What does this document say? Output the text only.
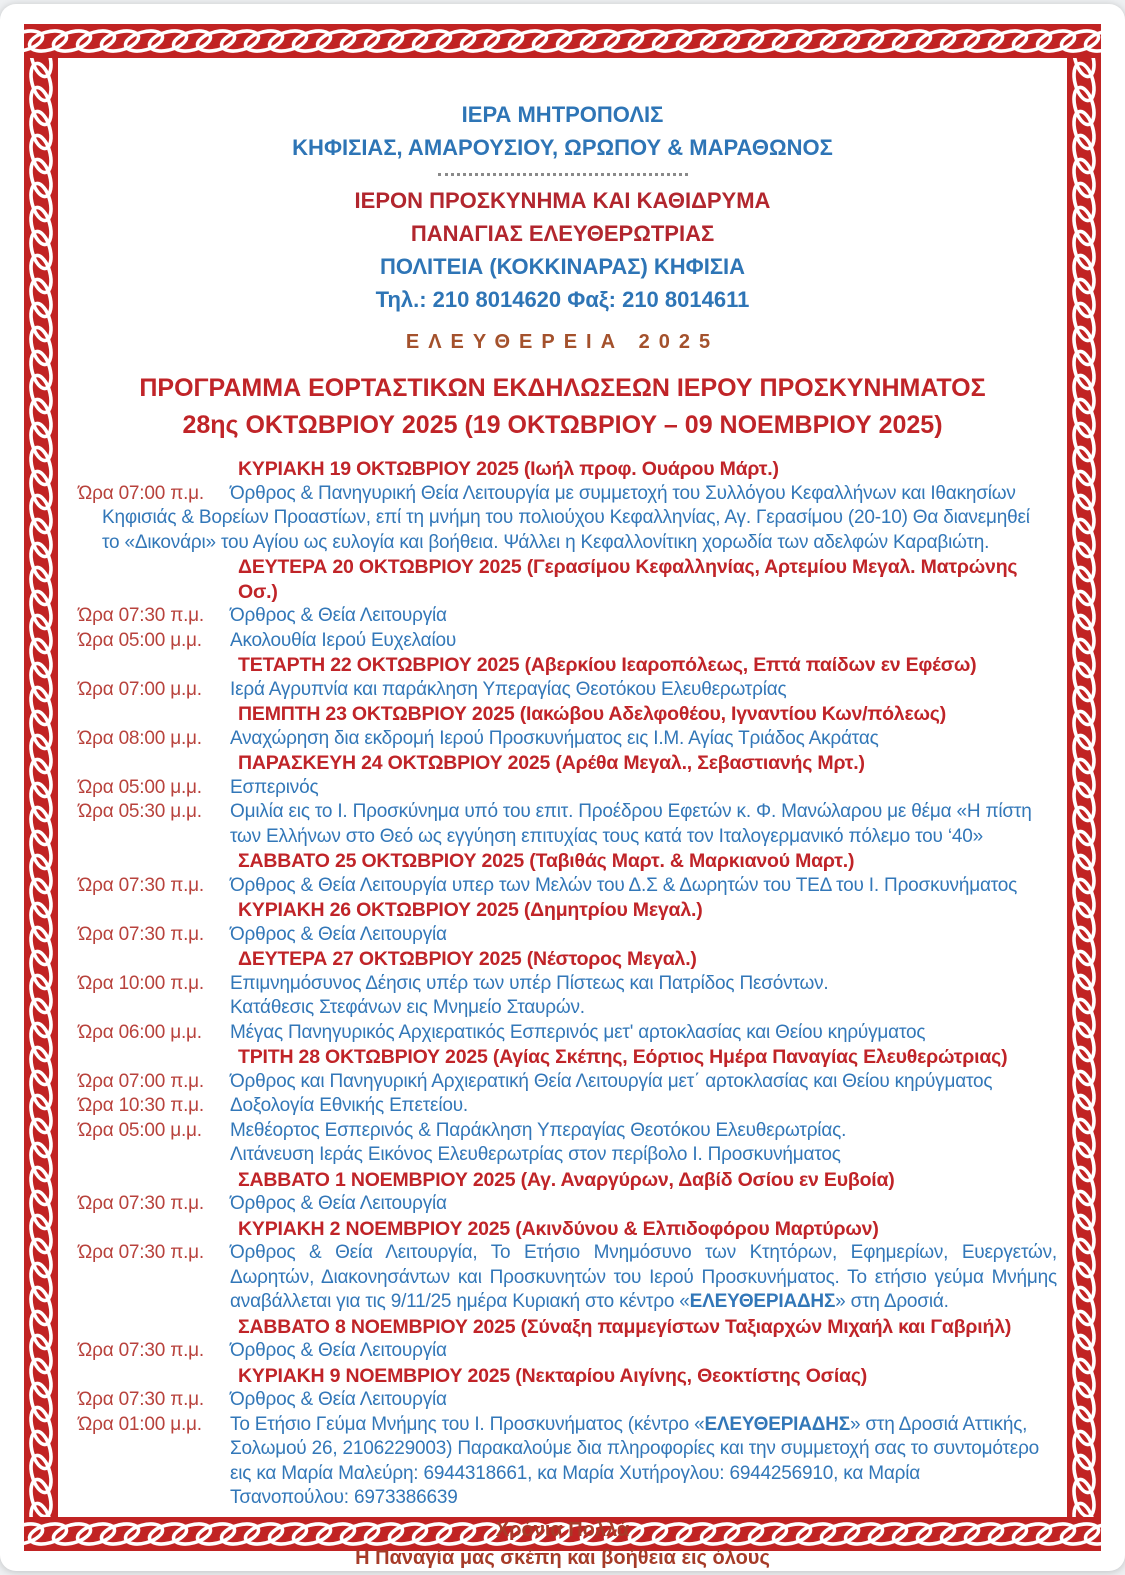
ΙΕΡΑ ΜΗΤΡΟΠΟΛΙΣ
ΚΗΦΙΣΙΑΣ, ΑΜΑΡΟΥΣΙΟΥ, ΩΡΩΠΟΥ & ΜΑΡΑΘΩΝΟΣ
ΙΕΡΟΝ ΠΡΟΣΚΥΝΗΜΑ ΚΑΙ ΚΑΘΙΔΡΥΜΑ
ΠΑΝΑΓΙΑΣ ΕΛΕΥΘΕΡΩΤΡΙΑΣ
ΠΟΛΙΤΕΙΑ (ΚΟΚΚΙΝΑΡΑΣ) ΚΗΦΙΣΙΑ
Τηλ.: 210 8014620 Φαξ: 210 8014611
ΕΛΕΥΘΕΡΕΙΑ 2025
ΠΡΟΓΡΑΜΜΑ ΕΟΡΤΑΣΤΙΚΩΝ ΕΚΔΗΛΩΣΕΩΝ ΙΕΡΟΥ ΠΡΟΣΚΥΝΗΜΑΤΟΣ
28ης ΟΚΤΩΒΡΙΟΥ 2025 (19 ΟΚΤΩΒΡΙΟΥ – 09 ΝΟΕΜΒΡΙΟΥ 2025)
ΚΥΡΙΑΚΗ 19 ΟΚΤΩΒΡΙΟΥ 2025 (Ιωήλ προφ. Ουάρου Μάρτ.)
Ώρα 07:00 π.μ.	Όρθρος & Πανηγυρική Θεία Λειτουργία με συμμετοχή του Συλλόγου Κεφαλλήνων και Ιθακησίων
Κηφισιάς & Βορείων Προαστίων, επί τη μνήμη του πολιούχου Κεφαλληνίας, Αγ. Γερασίμου (20-10) Θα διανεμηθεί
το «Δικονάρι» του Αγίου ως ευλογία και βοήθεια. Ψάλλει η Κεφαλλονίτικη χορωδία των αδελφών Καραβιώτη.
ΔΕΥΤΕΡΑ 20 ΟΚΤΩΒΡΙΟΥ 2025 (Γερασίμου Κεφαλληνίας, Αρτεμίου Μεγαλ. Ματρώνης Οσ.)
Ώρα 07:30 π.μ.	Όρθρος & Θεία Λειτουργία
Ώρα 05:00 μ.μ.	Ακολουθία Ιερού Ευχελαίου
ΤΕΤΑΡΤΗ 22 ΟΚΤΩΒΡΙΟΥ 2025 (Αβερκίου Ιεαροπόλεως, Επτά παίδων εν Εφέσω)
Ώρα 07:00 μ.μ.	Ιερά Αγρυπνία και παράκληση Υπεραγίας Θεοτόκου Ελευθερωτρίας
ΠΕΜΠΤΗ 23 ΟΚΤΩΒΡΙΟΥ 2025 (Ιακώβου Αδελφοθέου, Ιγναντίου Κων/πόλεως)
Ώρα 08:00 μ.μ.	Αναχώρηση δια εκδρομή Ιερού Προσκυνήματος εις Ι.Μ. Αγίας Τριάδος Ακράτας
ΠΑΡΑΣΚΕΥΗ 24 ΟΚΤΩΒΡΙΟΥ 2025 (Αρέθα Μεγαλ., Σεβαστιανής Μρτ.)
Ώρα 05:00 μ.μ.	Εσπερινός
Ώρα 05:30 μ.μ.	Ομιλία εις το Ι. Προσκύνημα υπό του επιτ. Προέδρου Εφετών κ. Φ. Μανώλαρου με θέμα «Η πίστη
των Ελλήνων στο Θεό ως εγγύηση επιτυχίας τους κατά τον Ιταλογερμανικό πόλεμο του ‘40»
ΣΑΒΒΑΤΟ 25 ΟΚΤΩΒΡΙΟΥ 2025 (Ταβιθάς Μαρτ. & Μαρκιανού Μαρτ.)
Ώρα 07:30 π.μ.	Όρθρος & Θεία Λειτουργία υπερ των Μελών του Δ.Σ & Δωρητών του ΤΕΔ του Ι. Προσκυνήματος
ΚΥΡΙΑΚΗ 26 ΟΚΤΩΒΡΙΟΥ 2025 (Δημητρίου Μεγαλ.)
Ώρα 07:30 π.μ.	Όρθρος & Θεία Λειτουργία
ΔΕΥΤΕΡΑ 27 ΟΚΤΩΒΡΙΟΥ 2025 (Νέστορος Μεγαλ.)
Ώρα 10:00 π.μ.	Επιμνημόσυνος Δέησις υπέρ των υπέρ Πίστεως και Πατρίδος Πεσόντων.
Κατάθεσις Στεφάνων εις Μνημείο Σταυρών.
Ώρα 06:00 μ.μ.	Μέγας Πανηγυρικός Αρχιερατικός Εσπερινός μετ' αρτοκλασίας και Θείου κηρύγματος
ΤΡΙΤΗ 28 ΟΚΤΩΒΡΙΟΥ 2025 (Αγίας Σκέπης, Εόρτιος Ημέρα Παναγίας Ελευθερώτριας)
Ώρα 07:00 π.μ.	Όρθρος και Πανηγυρική Αρχιερατική Θεία Λειτουργία μετ΄ αρτοκλασίας και Θείου κηρύγματος
Ώρα 10:30 π.μ.	Δοξολογία Εθνικής Επετείου.
Ώρα 05:00 μ.μ.	Μεθέορτος Εσπερινός & Παράκληση Υπεραγίας Θεοτόκου Ελευθερωτρίας.
Λιτάνευση Ιεράς Εικόνος Ελευθερωτρίας στον περίβολο Ι. Προσκυνήματος
ΣΑΒΒΑΤΟ 1 ΝΟΕΜΒΡΙΟΥ 2025 (Αγ. Αναργύρων, Δαβίδ Οσίου εν Ευβοία)
Ώρα 07:30 π.μ.	Όρθρος & Θεία Λειτουργία
ΚΥΡΙΑΚΗ 2 ΝΟΕΜΒΡΙΟΥ 2025 (Ακινδύνου & Ελπιδοφόρου Μαρτύρων)
Ώρα 07:30 π.μ.	Όρθρος & Θεία Λειτουργία, Το Ετήσιο Μνημόσυνο των Κτητόρων, Εφημερίων, Ευεργετών,
Δωρητών, Διακονησάντων και Προσκυνητών του Ιερού Προσκυνήματος. Το ετήσιο γεύμα Μνήμης
αναβάλλεται για τις 9/11/25 ημέρα Κυριακή στο κέντρο «ΕΛΕΥΘΕΡΙΑΔΗΣ» στη Δροσιά.
ΣΑΒΒΑΤΟ 8 ΝΟΕΜΒΡΙΟΥ 2025 (Σύναξη παμμεγίστων Ταξιαρχών Μιχαήλ και Γαβριήλ)
Ώρα 07:30 π.μ.	Όρθρος & Θεία Λειτουργία
ΚΥΡΙΑΚΗ 9 ΝΟΕΜΒΡΙΟΥ 2025 (Νεκταρίου Αιγίνης, Θεοκτίστης Οσίας)
Ώρα 07:30 π.μ.	Όρθρος & Θεία Λειτουργία
Ώρα 01:00 μ.μ.	Το Ετήσιο Γεύμα Μνήμης του Ι. Προσκυνήματος (κέντρο «ΕΛΕΥΘΕΡΙΑΔΗΣ» στη Δροσιά Αττικής,
Σολωμού 26, 2106229003) Παρακαλούμε δια πληροφορίες και την συμμετοχή σας το συντομότερο
εις κα Μαρία Μαλεύρη: 6944318661, κα Μαρία Χυτήρογλου: 6944256910, κα Μαρία
Τσανοπούλου: 6973386639
Χρόνια Πολλά
Η Παναγία μας σκέπη και βοήθεια εις όλους
